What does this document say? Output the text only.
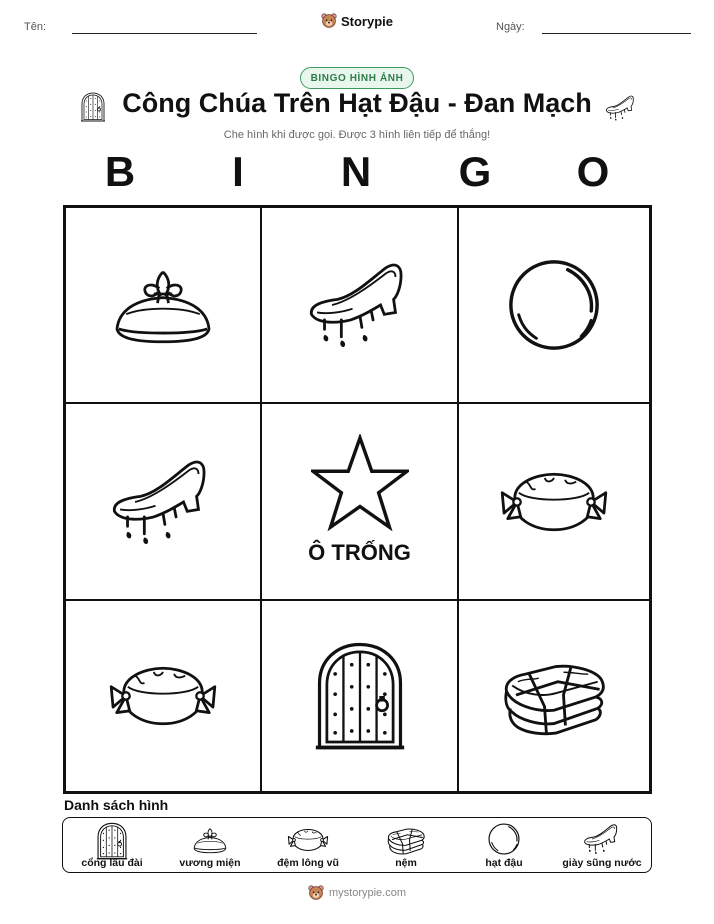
Tên:	Storypie	Ngày:
BINGO HÌNH ẢNH
Công Chúa Trên Hạt Đậu - Đan Mạch
Che hình khi được gọi. Được 3 hình liên tiếp để thắng!
B	I	N	G	O
Ô TRỐNG
Danh sách hình
cổng lâu đài	vương miện	đệm lông vũ	nệm	hạt đậu	giày sũng nước
mystorypie.com
